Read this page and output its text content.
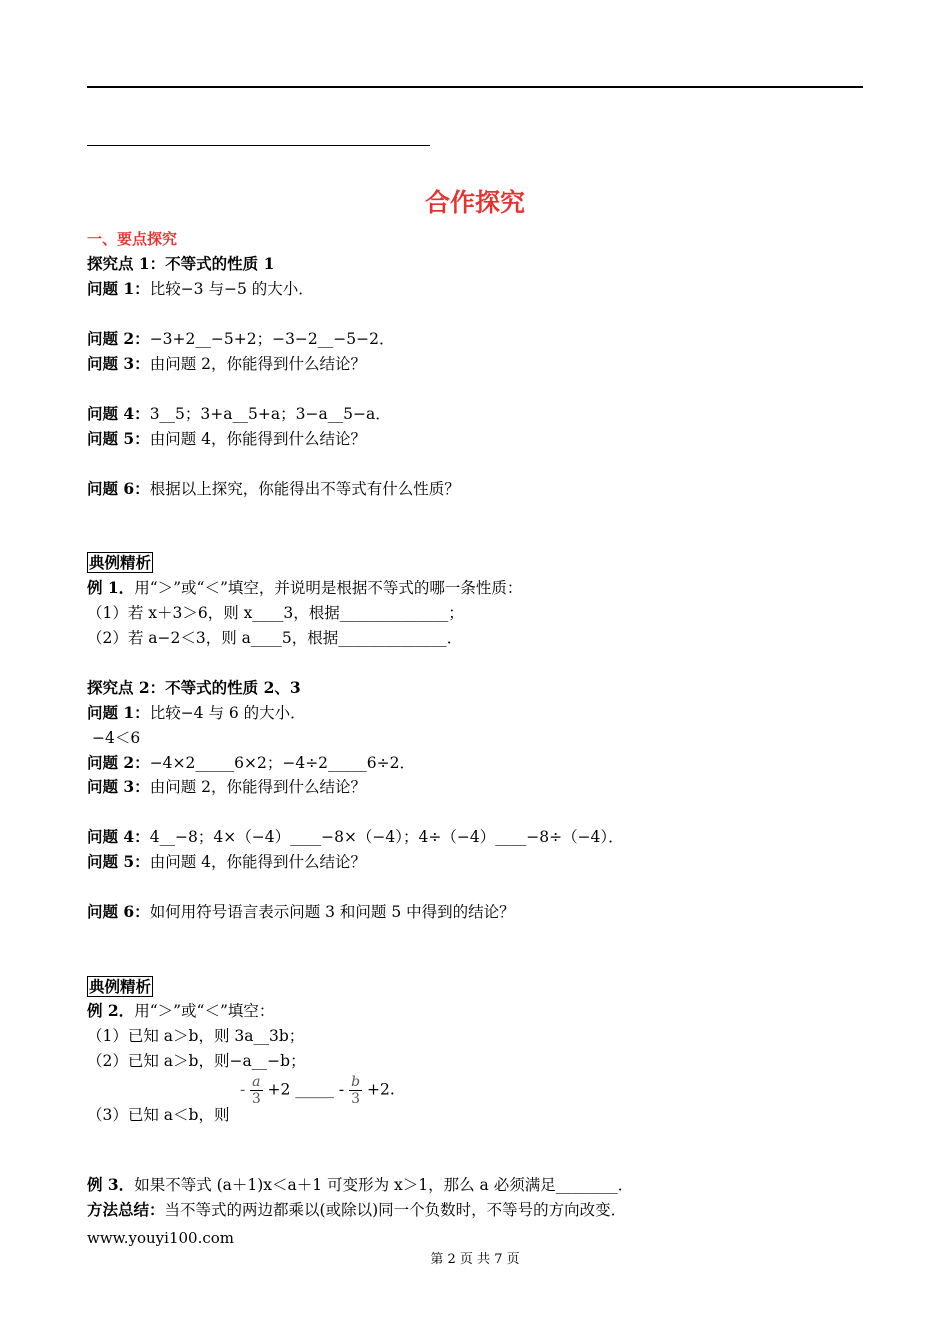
合作探究
一、要点探究
探究点 1：不等式的性质 1
问题 1：比较−3 与−5 的大小．
问题 2：−3+2__−5+2；−3−2__−5−2．
问题 3：由问题 2，你能得到什么结论？
问题 4：3__5；3+a__5+a；3−a__5−a．
问题 5：由问题 4，你能得到什么结论？
问题 6：根据以上探究，你能得出不等式有什么性质？
典例精析
例 1．用“＞”或“＜”填空，并说明是根据不等式的哪一条性质：
（1）若 x＋3＞6，则 x____3，根据______________；
（2）若 a−2＜3，则 a____5，根据______________．
探究点 2：不等式的性质 2、3
问题 1：比较−4 与 6 的大小．
−4＜6
问题 2：−4×2_____6×2；−4÷2_____6÷2．
问题 3：由问题 2，你能得到什么结论？
问题 4：4__−8；4×（−4）____−8×（−4）；4÷（−4）____−8÷（−4）．
问题 5：由问题 4，你能得到什么结论？
问题 6：如何用符号语言表示问题 3 和问题 5 中得到的结论？
典例精析
例 2．用“＞”或“＜”填空：
（1）已知 a＞b，则 3a__3b；
（2）已知 a＞b，则−a__−b；
（3）已知 a＜b，则
- $\frac{a}{3} +2$ _____ - $\frac{b}{3} +2$.
例 3．如果不等式 (a＋1)x＜a＋1 可变形为 x＞1，那么 a 必须满足________．
方法总结：当不等式的两边都乘以(或除以)同一个负数时，不等号的方向改变．
www.youyi100.com
第 2 页 共 7 页
